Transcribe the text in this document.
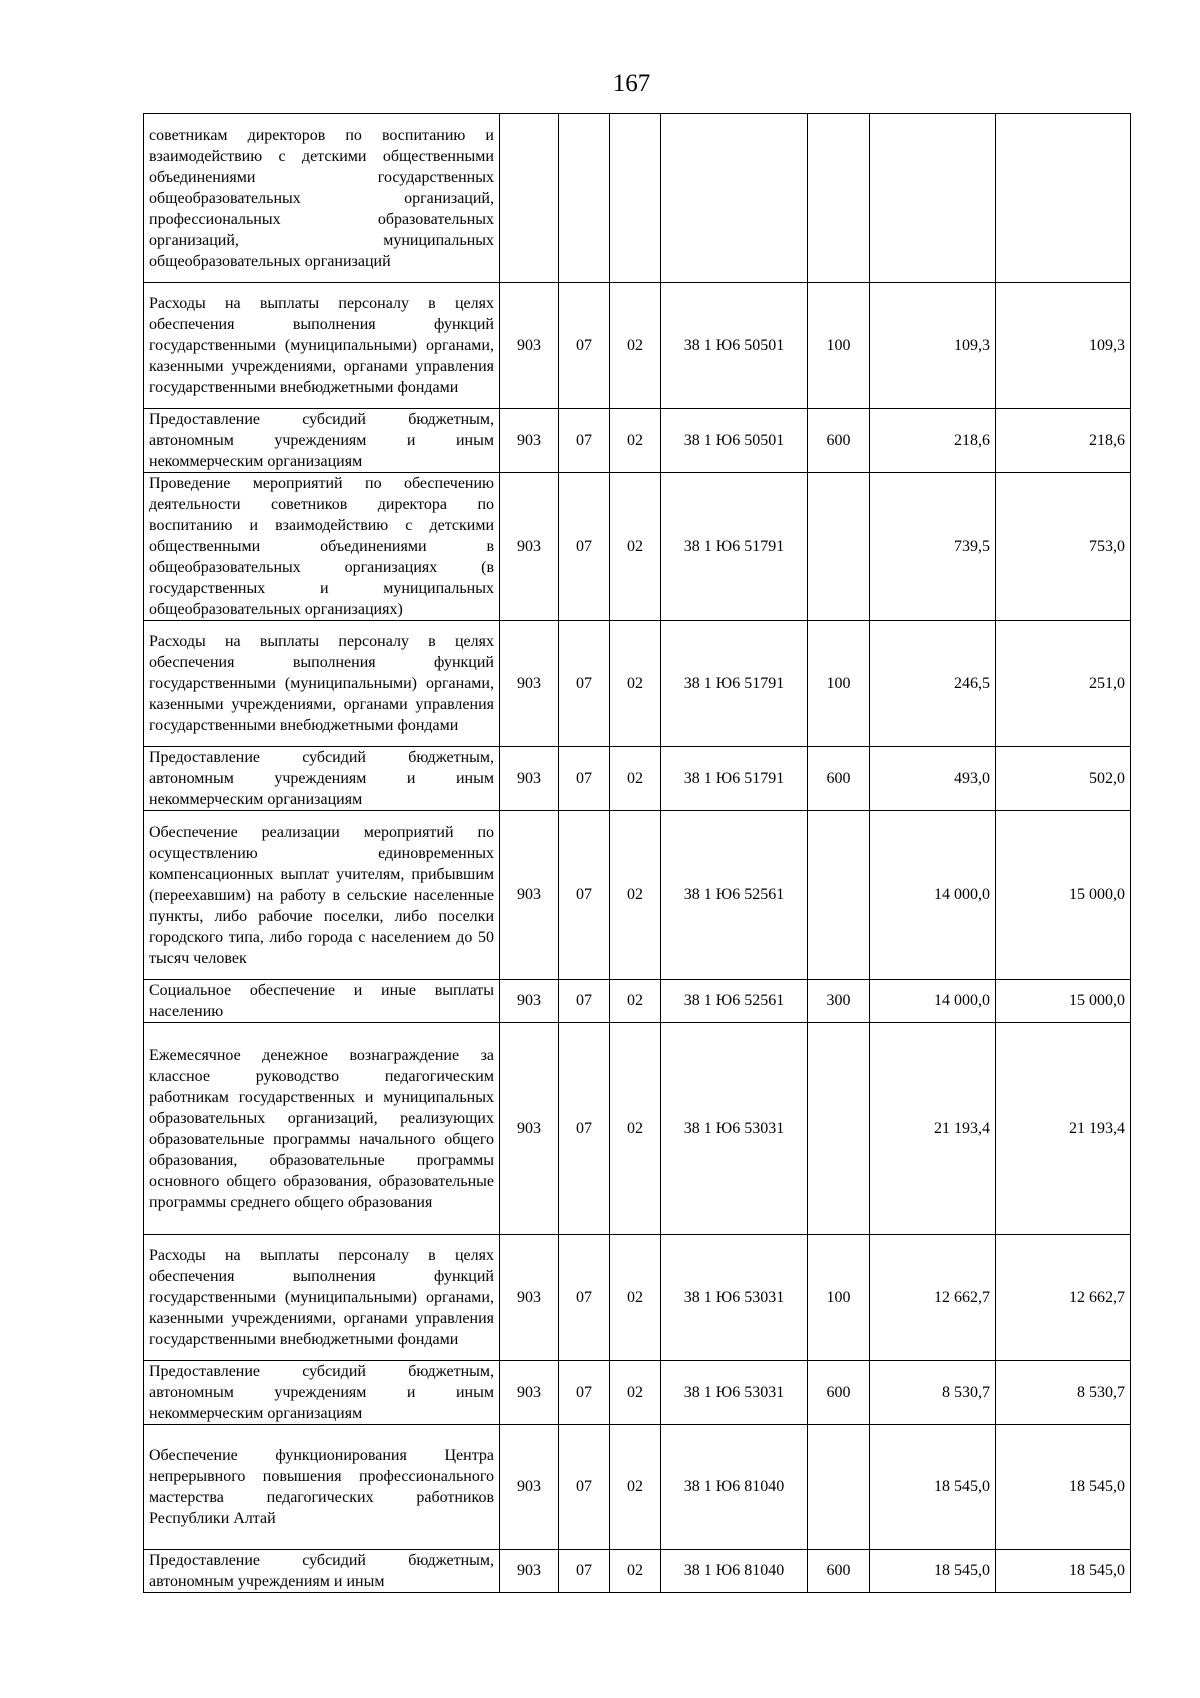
167
советникам директоров по воспитанию и взаимодействию с детскими общественными объединениями государственных общеобразовательных организаций, профессиональных образовательных организаций, муниципальных общеобразовательных организаций							
Расходы на выплаты персоналу в целях обеспечения выполнения функций государственными (муниципальными) органами, казенными учреждениями, органами управления государственными внебюджетными фондами	903	07	02	38 1 Ю6 50501	100	109,3	109,3
Предоставление субсидий бюджетным, автономным учреждениям и иным некоммерческим организациям	903	07	02	38 1 Ю6 50501	600	218,6	218,6
Проведение мероприятий по обеспечению деятельности советников директора по воспитанию и взаимодействию с детскими общественными объединениями в общеобразовательных организациях (в государственных и муниципальных общеобразовательных организациях)	903	07	02	38 1 Ю6 51791		739,5	753,0
Расходы на выплаты персоналу в целях обеспечения выполнения функций государственными (муниципальными) органами, казенными учреждениями, органами управления государственными внебюджетными фондами	903	07	02	38 1 Ю6 51791	100	246,5	251,0
Предоставление субсидий бюджетным, автономным учреждениям и иным некоммерческим организациям	903	07	02	38 1 Ю6 51791	600	493,0	502,0
Обеспечение реализации мероприятий по осуществлению единовременных компенсационных выплат учителям, прибывшим (переехавшим) на работу в сельские населенные пункты, либо рабочие поселки, либо поселки городского типа, либо города с населением до 50 тысяч человек	903	07	02	38 1 Ю6 52561		14 000,0	15 000,0
Социальное обеспечение и иные выплаты населению	903	07	02	38 1 Ю6 52561	300	14 000,0	15 000,0
Ежемесячное денежное вознаграждение за классное руководство педагогическим работникам государственных и муниципальных образовательных организаций, реализующих образовательные программы начального общего образования, образовательные программы основного общего образования, образовательные программы среднего общего образования	903	07	02	38 1 Ю6 53031		21 193,4	21 193,4
Расходы на выплаты персоналу в целях обеспечения выполнения функций государственными (муниципальными) органами, казенными учреждениями, органами управления государственными внебюджетными фондами	903	07	02	38 1 Ю6 53031	100	12 662,7	12 662,7
Предоставление субсидий бюджетным, автономным учреждениям и иным некоммерческим организациям	903	07	02	38 1 Ю6 53031	600	8 530,7	8 530,7
Обеспечение функционирования Центра непрерывного повышения профессионального мастерства педагогических работников Республики Алтай	903	07	02	38 1 Ю6 81040		18 545,0	18 545,0
Предоставление субсидий бюджетным, автономным учреждениям и иным	903	07	02	38 1 Ю6 81040	600	18 545,0	18 545,0
